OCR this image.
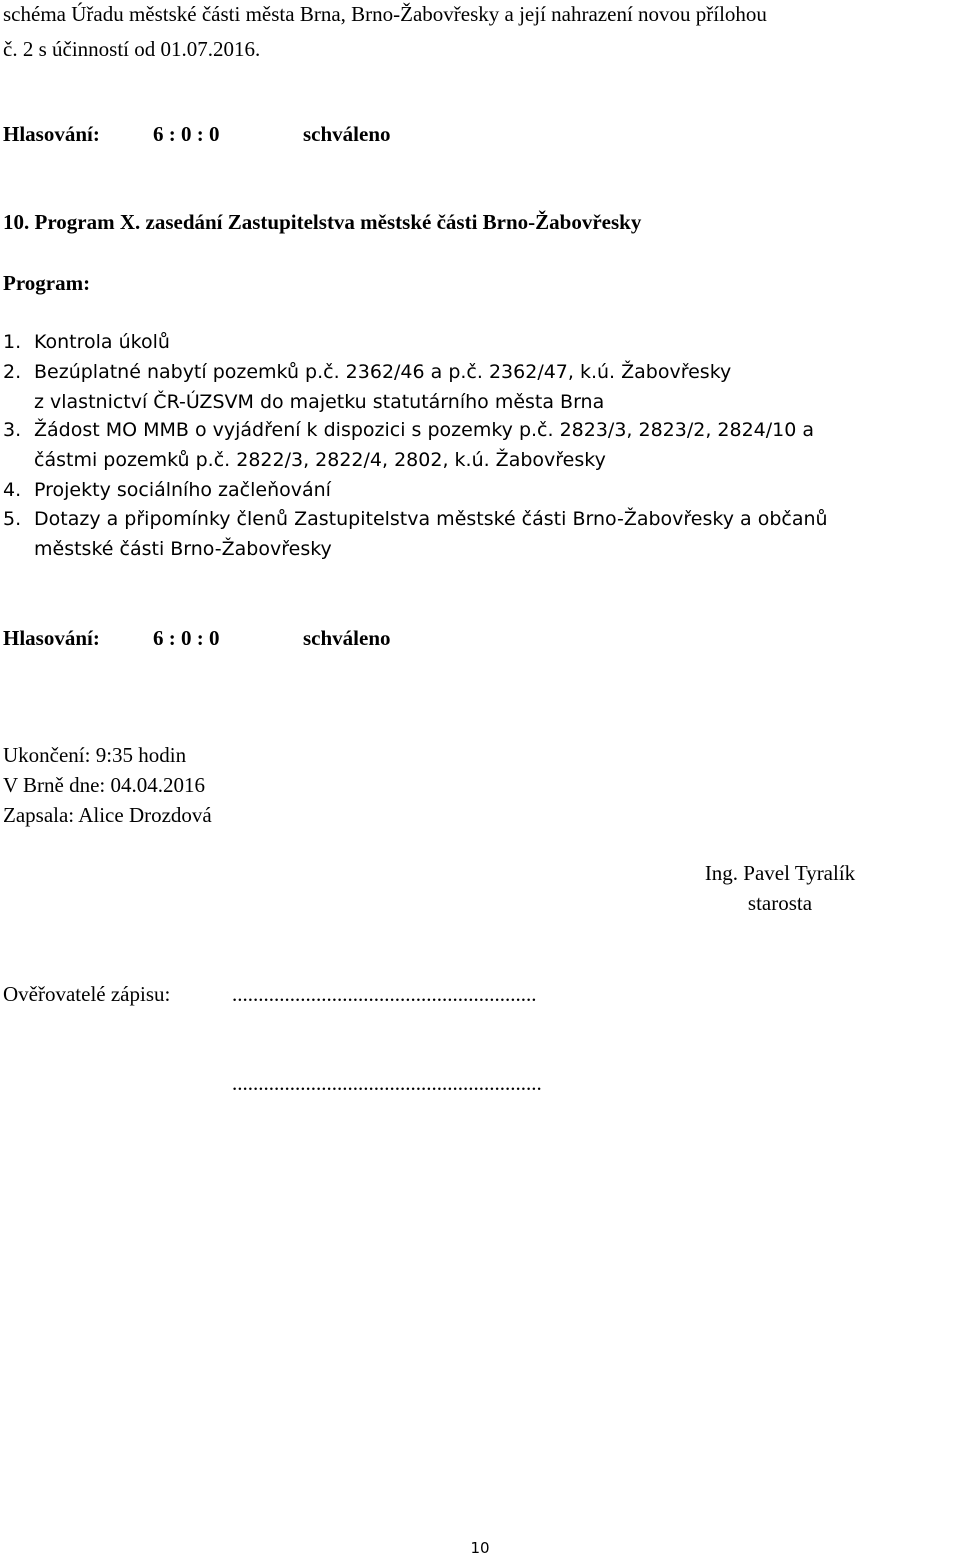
schéma Úřadu městské části města Brna, Brno-Žabovřesky a její nahrazení novou přílohou
č. 2 s účinností od 01.07.2016.
Hlasování:	6 : 0 : 0	schváleno
10. Program X. zasedání Zastupitelstva městské části Brno-Žabovřesky
Program:
1. Kontrola úkolů
2. Bezúplatné nabytí pozemků p.č. 2362/46 a p.č. 2362/47, k.ú. Žabovřesky
z vlastnictví ČR-ÚZSVM do majetku statutárního města Brna
3. Žádost MO MMB o vyjádření k dispozici s pozemky p.č. 2823/3, 2823/2, 2824/10 a
částmi pozemků p.č. 2822/3, 2822/4, 2802, k.ú. Žabovřesky
4. Projekty sociálního začleňování
5. Dotazy a připomínky členů Zastupitelstva městské části Brno-Žabovřesky a občanů
městské části Brno-Žabovřesky
Hlasování:	6 : 0 : 0	schváleno
Ukončení: 9:35 hodin
V Brně dne: 04.04.2016
Zapsala: Alice Drozdová
Ing. Pavel Tyralík
starosta
Ověřovatelé zápisu:	..........................................................
...........................................................
10
